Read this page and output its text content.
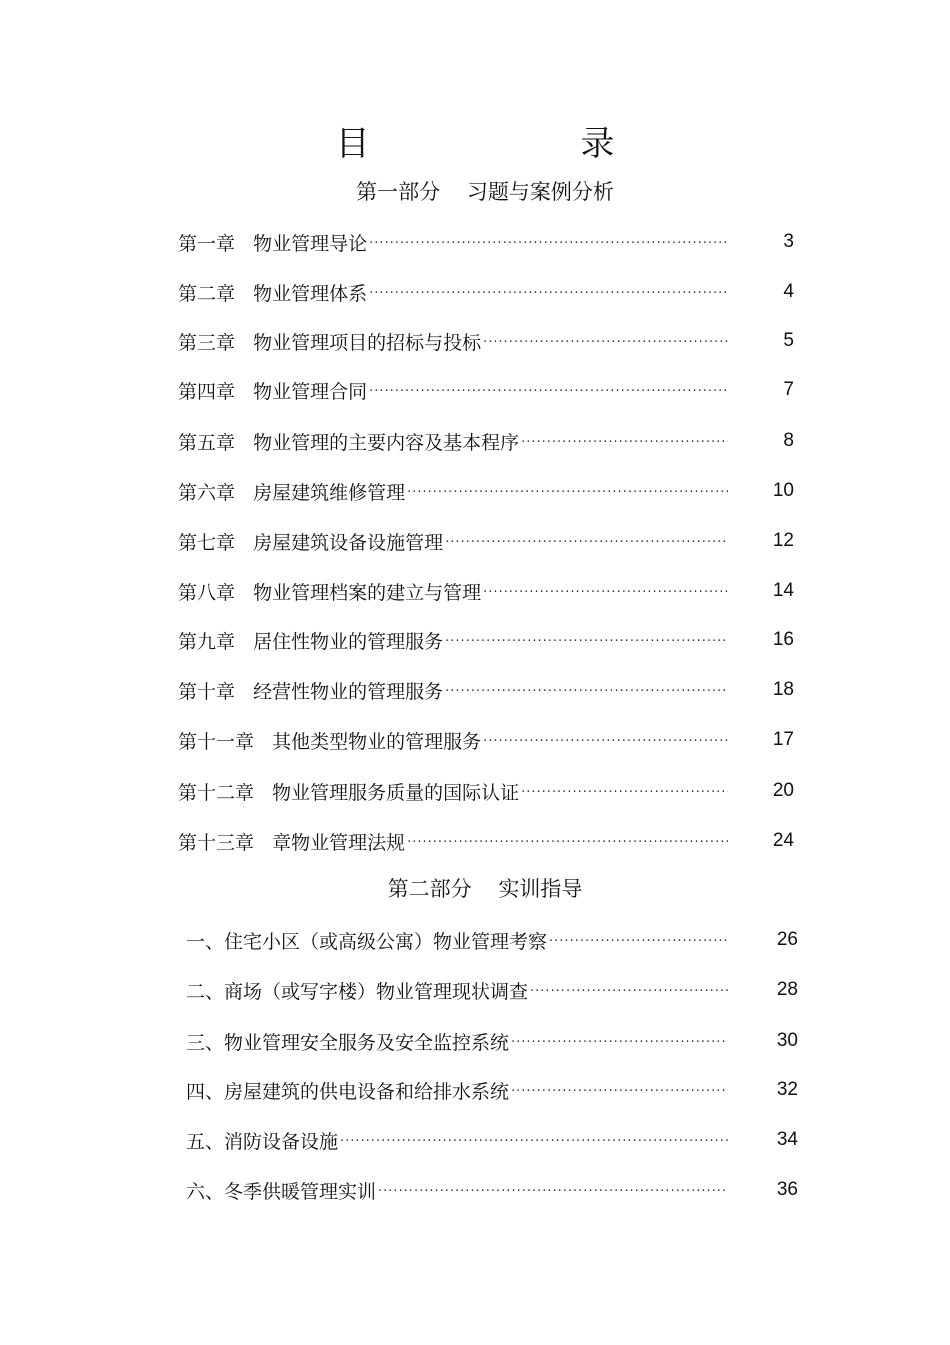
目 录
第一部分    习题与案例分析
第一章   物业管理导论 ·····	3
第二章   物业管理体系 ·····	4
第三章   物业管理项目的招标与投标 ·····	5
第四章   物业管理合同 ·····	7
第五章   物业管理的主要内容及基本程序 ·····	8
第六章   房屋建筑维修管理 ·····	10
第七章   房屋建筑设备设施管理 ·····	12
第八章   物业管理档案的建立与管理 ·····	14
第九章   居住性物业的管理服务 ·····	16
第十章   经营性物业的管理服务 ·····	18
第十一章   其他类型物业的管理服务 ·····	17
第十二章   物业管理服务质量的国际认证 ·····	20
第十三章   章物业管理法规 ·····	24
第二部分    实训指导
一、住宅小区（或高级公寓）物业管理考察 ·····	26
二、商场（或写字楼）物业管理现状调查 ·····	28
三、物业管理安全服务及安全监控系统 ·····	30
四、房屋建筑的供电设备和给排水系统 ·····	32
五、消防设备设施 ·····	34
六、冬季供暖管理实训 ·····	36
